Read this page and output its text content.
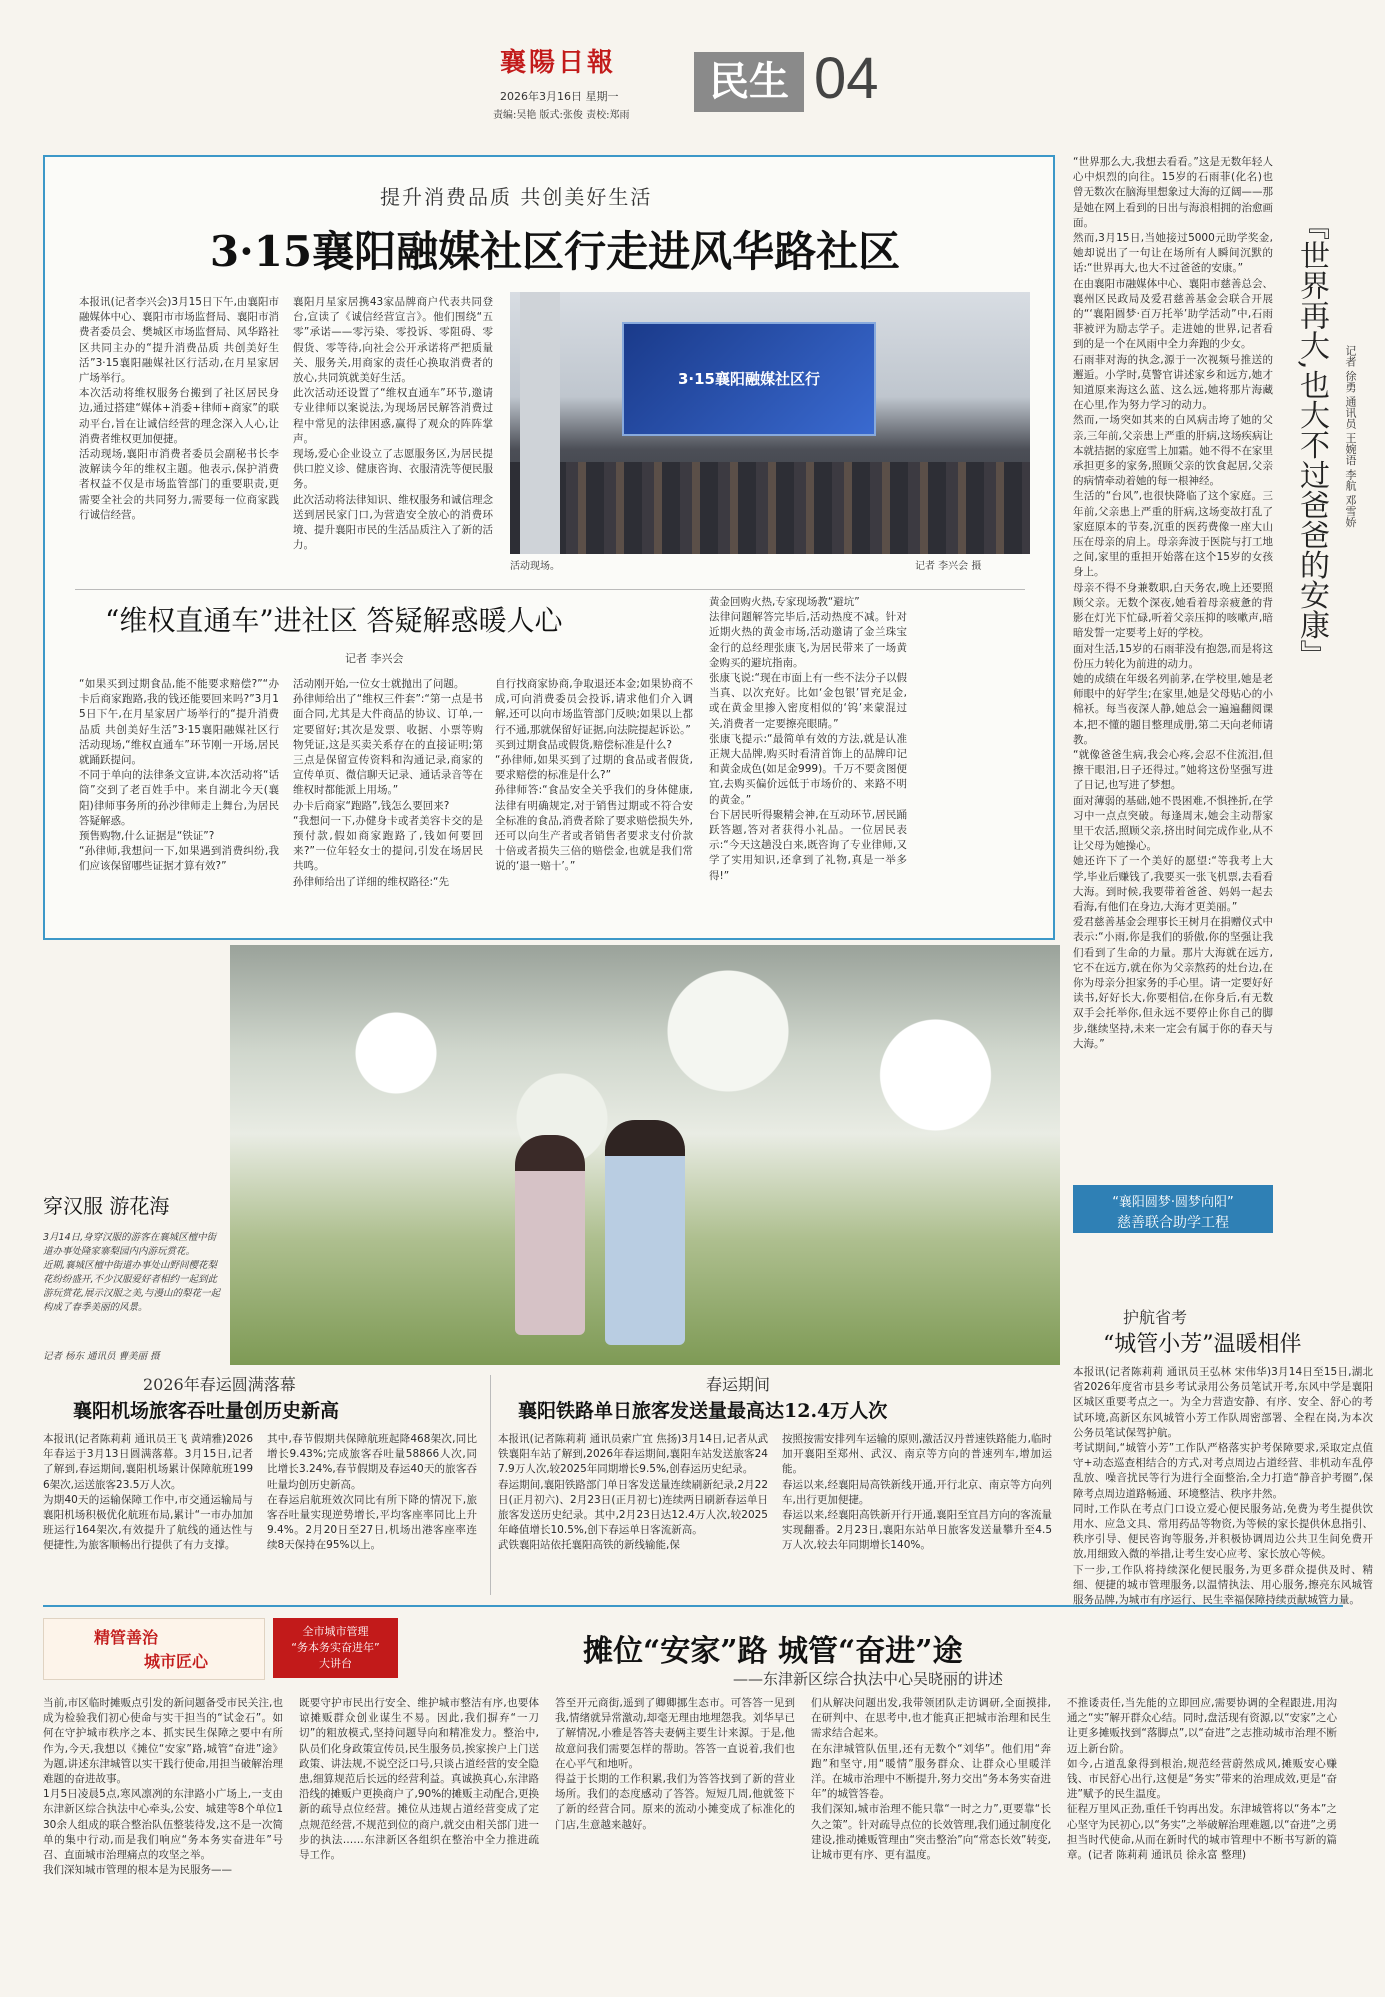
襄陽日報
2026年3月16日 星期一
责编:吴艳 版式:张俊 责校:郑雨
民生 04
提升消费品质 共创美好生活
3·15襄阳融媒社区行走进风华路社区
本报讯(记者李兴会)3月15日下午,由襄阳市融媒体中心、襄阳市市场监督局、襄阳市消费者委员会、樊城区市场监督局、风华路社区共同主办的“提升消费品质 共创美好生活”3·15襄阳融媒社区行活动,在月星家居广场举行。
本次活动将维权服务台搬到了社区居民身边,通过搭建“媒体+消委+律师+商家”的联动平台,旨在让诚信经营的理念深入人心,让消费者维权更加便捷。
活动现场,襄阳市消费者委员会副秘书长李波解读今年的维权主题。他表示,保护消费者权益不仅是市场监管部门的重要职责,更需要全社会的共同努力,需要每一位商家践行诚信经营。
襄阳月星家居携43家品牌商户代表共同登台,宣读了《诚信经营宣言》。他们围绕“五零”承诺——零污染、零投诉、零阻碍、零假货、零等待,向社会公开承诺将严把质量关、服务关,用商家的责任心换取消费者的放心,共同筑就美好生活。
此次活动还设置了“维权直通车”环节,邀请专业律师以案说法,为现场居民解答消费过程中常见的法律困惑,赢得了观众的阵阵掌声。
现场,爱心企业设立了志愿服务区,为居民提供口腔义诊、健康咨询、衣服清洗等便民服务。
此次活动将法律知识、维权服务和诚信理念送到居民家门口,为营造安全放心的消费环境、提升襄阳市民的生活品质注入了新的活力。
3·15襄阳融媒社区行
活动现场。	记者 李兴会 摄
“维权直通车”进社区 答疑解惑暖人心
记者 李兴会
“如果买到过期食品,能不能要求赔偿?”“办卡后商家跑路,我的钱还能要回来吗?”3月15日下午,在月星家居广场举行的“提升消费品质 共创美好生活”3·15襄阳融媒社区行活动现场,“维权直通车”环节刚一开场,居民就踊跃提问。
不同于单向的法律条文宣讲,本次活动将“话筒”交到了老百姓手中。来自湖北今天(襄阳)律师事务所的孙沙律师走上舞台,为居民答疑解惑。
预售购物,什么证据是“铁证”?
“孙律师,我想问一下,如果遇到消费纠纷,我们应该保留哪些证据才算有效?”
活动刚开始,一位女士就抛出了问题。
孙律师给出了“维权三件套”:“第一点是书面合同,尤其是大件商品的协议、订单,一定要留好;其次是发票、收据、小票等购物凭证,这是买卖关系存在的直接证明;第三点是保留宣传资料和沟通记录,商家的宣传单页、微信聊天记录、通话录音等在维权时都能派上用场。”
办卡后商家“跑路”,钱怎么要回来?
“我想问一下,办健身卡或者美容卡交的是预付款,假如商家跑路了,钱如何要回来?”一位年轻女士的提问,引发在场居民共鸣。
孙律师给出了详细的维权路径:“先
自行找商家协商,争取退还本金;如果协商不成,可向消费委员会投诉,请求他们介入调解,还可以向市场监管部门反映;如果以上都行不通,那就保留好证据,向法院提起诉讼。”
买到过期食品或假货,赔偿标准是什么?
“孙律师,如果买到了过期的食品或者假货,要求赔偿的标准是什么?”
孙律师答:“食品安全关乎我们的身体健康,法律有明确规定,对于销售过期或不符合安全标准的食品,消费者除了要求赔偿损失外,还可以向生产者或者销售者要求支付价款十倍或者损失三倍的赔偿金,也就是我们常说的‘退一赔十’。”
黄金回购火热,专家现场教“避坑”
法律问题解答完毕后,活动热度不减。针对近期火热的黄金市场,活动邀请了金兰珠宝金行的总经理张康飞,为居民带来了一场黄金购买的避坑指南。
张康飞说:“现在市面上有一些不法分子以假当真、以次充好。比如‘金包银’冒充足金,或在黄金里掺入密度相似的‘钨’来蒙混过关,消费者一定要擦亮眼睛。”
张康飞提示:“最简单有效的方法,就是认准正规大品牌,购买时看清首饰上的品牌印记和黄金成色(如足金999)。千万不要贪图便宜,去购买偏价远低于市场价的、来路不明的黄金。”
台下居民听得聚精会神,在互动环节,居民踊跃答题,答对者获得小礼品。一位居民表示:“今天这趟没白来,既咨询了专业律师,又学了实用知识,还拿到了礼物,真是一举多得!”
“世界那么大,我想去看看。”这是无数年轻人心中炽烈的向往。15岁的石雨菲(化名)也曾无数次在脑海里想象过大海的辽阔——那是她在网上看到的日出与海浪相拥的治愈画面。
然而,3月15日,当她接过5000元助学奖金,她却说出了一句让在场所有人瞬间沉默的话:“世界再大,也大不过爸爸的安康。”
在由襄阳市融媒体中心、襄阳市慈善总会、襄州区民政局及爱君慈善基金会联合开展的“‘襄阳圆梦·百万托举’助学活动”中,石雨菲被评为励志学子。走进她的世界,记者看到的是一个在风雨中全力奔跑的少女。
石雨菲对海的执念,源于一次视频号推送的邂逅。小学时,莫警官讲述家乡和远方,她才知道原来海这么蓝、这么远,她将那片海藏在心里,作为努力学习的动力。
然而,一场突如其来的白风病击垮了她的父亲,三年前,父亲患上严重的肝病,这场疾病让本就拮据的家庭雪上加霜。她不得不在家里承担更多的家务,照顾父亲的饮食起居,父亲的病情牵动着她的每一根神经。
生活的“台风”,也很快降临了这个家庭。三年前,父亲患上严重的肝病,这场变故打乱了家庭原本的节奏,沉重的医药费像一座大山压在母亲的肩上。母亲奔波于医院与打工地之间,家里的重担开始落在这个15岁的女孩身上。
母亲不得不身兼数职,白天务农,晚上还要照顾父亲。无数个深夜,她看着母亲疲惫的背影在灯光下忙碌,听着父亲压抑的咳嗽声,暗暗发誓一定要考上好的学校。
面对生活,15岁的石雨菲没有抱怨,而是将这份压力转化为前进的动力。
她的成绩在年级名列前茅,在学校里,她是老师眼中的好学生;在家里,她是父母贴心的小棉袄。每当夜深人静,她总会一遍遍翻阅课本,把不懂的题目整理成册,第二天向老师请教。
“就像爸爸生病,我会心疼,会忍不住流泪,但擦干眼泪,日子还得过。”她将这份坚强写进了日记,也写进了梦想。
面对薄弱的基础,她不畏困难,不惧挫折,在学习中一点点突破。每逢周末,她会主动帮家里干农活,照顾父亲,挤出时间完成作业,从不让父母为她操心。
她还许下了一个美好的愿望:“等我考上大学,毕业后赚钱了,我要买一张飞机票,去看看大海。到时候,我要带着爸爸、妈妈一起去看海,有他们在身边,大海才更美丽。”
爱君慈善基金会理事长王树月在捐赠仪式中表示:“小雨,你是我们的骄傲,你的坚强让我们看到了生命的力量。那片大海就在远方,它不在远方,就在你为父亲熬药的灶台边,在你为母亲分担家务的手心里。请一定要好好读书,好好长大,你要相信,在你身后,有无数双手会托举你,但永远不要停止你自己的脚步,继续坚持,未来一定会有属于你的春天与大海。”
『世界再大,也大不过爸爸的安康』 记者 徐勇 通讯员 王婉语 李航 邓雪娇
“襄阳圆梦·圆梦向阳”
慈善联合助学工程
穿汉服 游花海
3月14日,身穿汉服的游客在襄城区檀中街道办事处隆家寨梨园内内游玩赏花。
近期,襄城区檀中街道办事处山野间樱花梨花纷纷盛开,不少汉服爱好者相约一起到此游玩赏花,展示汉服之美,与漫山的梨花一起构成了春季美丽的风景。
记者 杨东 通讯员 曹美丽 摄
护航省考
“城管小芳”温暖相伴
本报讯(记者陈莉莉 通讯员王弘林 宋伟华)3月14日至15日,湖北省2026年度省市县乡考试录用公务员笔试开考,东风中学是襄阳区城区重要考点之一。为全力营造安静、有序、安全、舒心的考试环境,高新区东风城管小芳工作队周密部署、全程在岗,为本次公务员笔试保驾护航。
考试期间,“城管小芳”工作队严格落实护考保障要求,采取定点值守+动态巡查相结合的方式,对考点周边占道经营、非机动车乱停乱放、噪音扰民等行为进行全面整治,全力打造“静音护考圈”,保障考点周边道路畅通、环境整洁、秩序井然。
同时,工作队在考点门口设立爱心便民服务站,免费为考生提供饮用水、应急文具、常用药品等物资,为等候的家长提供休息指引、秩序引导、便民咨询等服务,并积极协调周边公共卫生间免费开放,用细致入微的举措,让考生安心应考、家长放心等候。
下一步,工作队将持续深化便民服务,为更多群众提供及时、精细、便捷的城市管理服务,以温情执法、用心服务,擦亮东风城管服务品牌,为城市有序运行、民生幸福保障持续贡献城管力量。
2026年春运圆满落幕
襄阳机场旅客吞吐量创历史新高
本报讯(记者陈莉莉 通讯员王飞 黄靖雅)2026年春运于3月13日圆满落幕。3月15日,记者了解到,春运期间,襄阳机场累计保障航班1996架次,运送旅客23.5万人次。
为期40天的运输保障工作中,市交通运输局与襄阳机场积极优化航班布局,累计“一市办加加班运行164架次,有效提升了航线的通达性与便捷性,为旅客顺畅出行提供了有力支撑。
其中,春节假期共保障航班起降468架次,同比增长9.43%;完成旅客吞吐量58866人次,同比增长3.24%,春节假期及春运40天的旅客吞吐量均创历史新高。
在春运启航班效次同比有所下降的情况下,旅客吞吐量实现逆势增长,平均客座率同比上升9.4%。2月20日至27日,机场出港客座率连续8天保持在95%以上。
春运期间
襄阳铁路单日旅客发送量最高达12.4万人次
本报讯(记者陈莉莉 通讯员索广宜 焦扬)3月14日,记者从武铁襄阳车站了解到,2026年春运期间,襄阳车站发送旅客247.9万人次,较2025年同期增长9.5%,创春运历史纪录。
春运期间,襄阳铁路部门单日客发送量连续刷新纪录,2月22日(正月初六)、2月23日(正月初七)连续两日刷新春运单日旅客发送历史纪录。其中,2月23日达12.4万人次,较2025年峰值增长10.5%,创下春运单日客流新高。
武铁襄阳站依托襄阳高铁的新线输能,保
按照按需安排列车运输的原则,激活汉丹普速铁路能力,临时加开襄阳至郑州、武汉、南京等方向的普速列车,增加运能。
春运以来,经襄阳局高铁新线开通,开行北京、南京等方向列车,出行更加便捷。
春运以来,经襄阳高铁新开行开通,襄阳至宜昌方向的客流量实现翻番。2月23日,襄阳东站单日旅客发送量攀升至4.5万人次,较去年同期增长140%。
精管善治
城市匠心
全市城市管理
“务本务实奋进年”
大讲台	摊位“安家”路 城管“奋进”途
——东津新区综合执法中心吴晓丽的讲述
当前,市区临时摊贩点引发的新问题备受市民关注,也成为检验我们初心使命与实干担当的“试金石”。如何在守护城市秩序之本、抓实民生保障之要中有所作为,今天,我想以《摊位“安家”路,城管“奋进”途》为题,讲述东津城管以实干践行使命,用担当破解治理难题的奋进故事。
1月5日凌晨5点,寒风凛冽的东津路小广场上,一支由东津新区综合执法中心牵头,公安、城建等8个单位130余人组成的联合整治队伍整装待发,这不是一次简单的集中行动,而是我们响应“务本务实奋进年”号召、直面城市治理痛点的攻坚之举。
我们深知城市管理的根本是为民服务——
既要守护市民出行安全、维护城市整洁有序,也要体谅摊贩群众创业谋生不易。因此,我们摒弃“一刀切”的粗放模式,坚持问题导向和精准发力。整治中,队员们化身政策宣传员,民生服务员,挨家挨户上门送政策、讲法规,不说空泛口号,只谈占道经营的安全隐患,细算规范后长远的经营利益。真诚换真心,东津路沿线的摊贩户更换商户了,90%的摊贩主动配合,更换新的疏导点位经营。摊位从违规占道经营变成了定点规范经营,不规范到位的商户,就交由相关部门进一步的执法……东津新区各组织在整治中全力推进疏导工作。
答至开元商街,遥到了卿卿挪生态市。可答答一见到我,情绪就异常激动,却毫无理由地埋怨我。刘华早已了解情况,小雅是答答夫妻俩主要生计来源。于是,他故意问我们需要怎样的帮助。答答一直说着,我们也在心平气和地听。
得益于长期的工作积累,我们为答答找到了新的营业场所。我们的态度感动了答答。短短几周,他就签下了新的经营合同。原来的流动小摊变成了标准化的门店,生意越来越好。
们从解决问题出发,我带领团队走访调研,全面摸排,在研判中、在思考中,也才能真正把城市治理和民生需求结合起来。
在东津城管队伍里,还有无数个“刘华”。他们用“奔跑”和坚守,用“暖情”服务群众、让群众心里暖洋洋。在城市治理中不断提升,努力交出“务本务实奋进年”的城管答卷。
我们深知,城市治理不能只靠“一时之力”,更要靠“长久之策”。针对疏导点位的长效管理,我们通过制度化建设,推动摊贩管理由“突击整治”向“常态长效”转变,让城市更有序、更有温度。
不推诿责任,当先能的立即回应,需要协调的全程跟进,用沟通之“实”解开群众心结。同时,盘活现有资源,以“安家”之心让更多摊贩找到“落脚点”,以“奋进”之志推动城市治理不断迈上新台阶。
如今,占道乱象得到根治,规范经营蔚然成风,摊贩安心赚钱、市民舒心出行,这便是“务实”带来的治理成效,更是“奋进”赋予的民生温度。
征程万里风正劲,重任千钧再出发。东津城管将以“务本”之心坚守为民初心,以“务实”之举破解治理难题,以“奋进”之勇担当时代使命,从而在新时代的城市管理中不断书写新的篇章。(记者 陈莉莉 通讯员 徐永富 整理)
